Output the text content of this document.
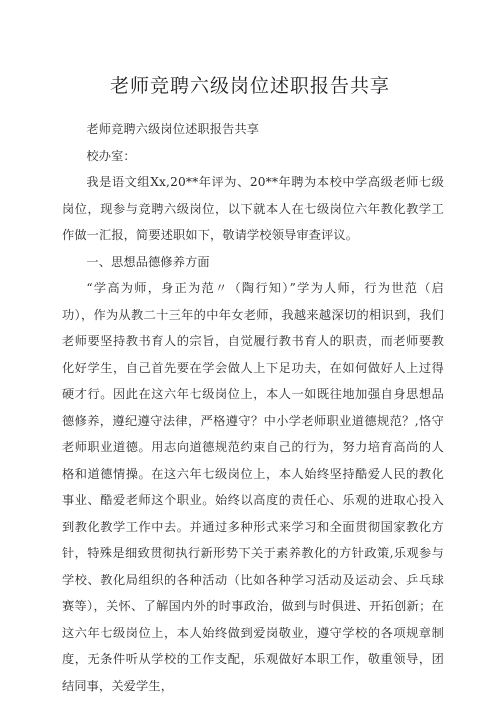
老师竞聘六级岗位述职报告共享

老师竞聘六级岗位述职报告共享

校办室：

我是语文组Xx,20**年评为、20**年聘为本校中学高级老师七级岗位，现参与竞聘六级岗位，以下就本人在七级岗位六年教化教学工作做一汇报，简要述职如下，敬请学校领导审查评议。

一、思想品德修养方面

“学高为师，身正为范〃（陶行知）”学为人师，行为世范（启功），作为从教二十三年的中年女老师，我越来越深切的相识到，我们老师要坚持教书育人的宗旨，自觉履行教书育人的职责，而老师要教化好学生，自己首先要在学会做人上下足功夫，在如何做好人上过得硬才行。因此在这六年七级岗位上，本人一如既往地加强自身思想品德修养，遵纪遵守法律，严格遵守？中小学老师职业道德规范？,恪守老师职业道德。用志向道德规范约束自己的行为，努力培育高尚的人格和道德情操。在这六年七级岗位上，本人始终坚持酷爱人民的教化事业、酷爱老师这个职业。始终以高度的责任心、乐观的进取心投入到教化教学工作中去。并通过多种形式来学习和全面贯彻国家教化方针，特殊是细致贯彻执行新形势下关于素养教化的方针政策,乐观参与学校、教化局组织的各种活动（比如各种学习活动及运动会、乒乓球赛等），关怀、了解国内外的时事政治，做到与时俱进、开拓创新；在这六年七级岗位上，本人始终做到爱岗敬业，遵守学校的各项规章制度，无条件听从学校的工作支配，乐观做好本职工作，敬重领导，团结同事，关爱学生，
